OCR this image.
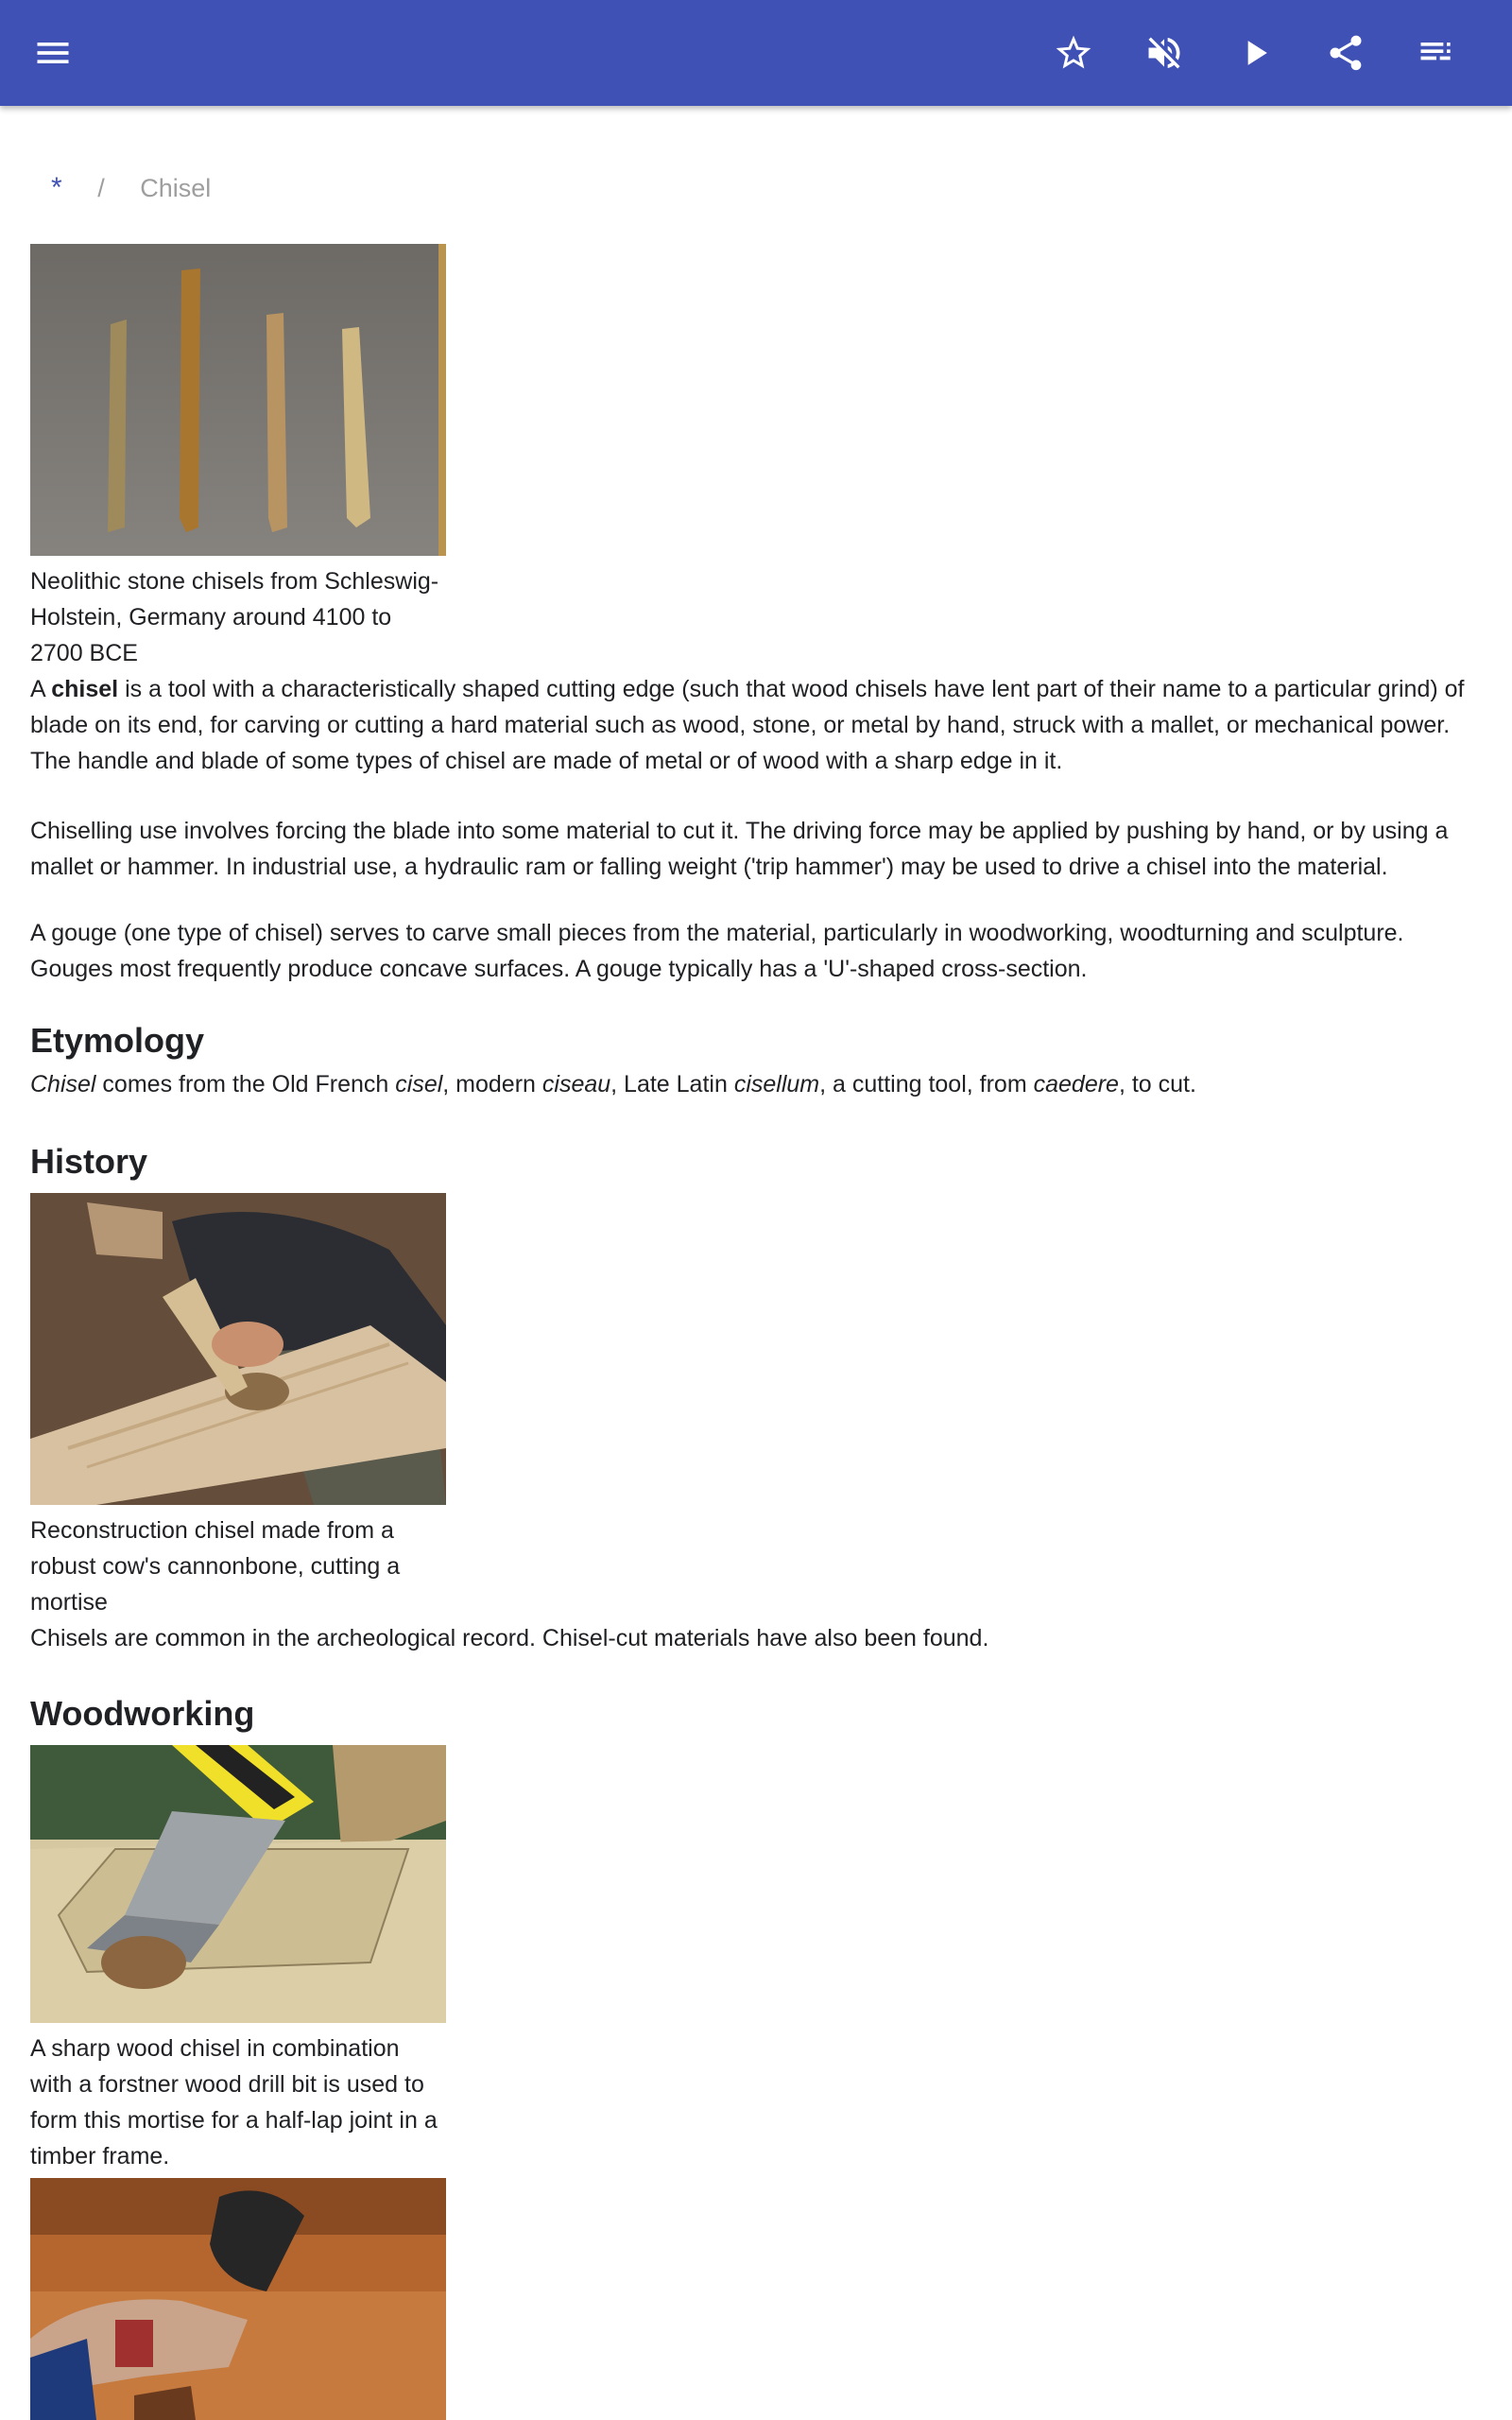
* / Chisel
Neolithic stone chisels from Schleswig-Holstein, Germany around 4100 to 2700 BCE
A chisel is a tool with a characteristically shaped cutting edge (such that wood chisels have lent part of their name to a particular grind) of blade on its end, for carving or cutting a hard material such as wood, stone, or metal by hand, struck with a mallet, or mechanical power. The handle and blade of some types of chisel are made of metal or of wood with a sharp edge in it.
Chiselling use involves forcing the blade into some material to cut it. The driving force may be applied by pushing by hand, or by using a mallet or hammer. In industrial use, a hydraulic ram or falling weight ('trip hammer') may be used to drive a chisel into the material.
A gouge (one type of chisel) serves to carve small pieces from the material, particularly in woodworking, woodturning and sculpture. Gouges most frequently produce concave surfaces. A gouge typically has a 'U'-shaped cross-section.
Etymology
Chisel comes from the Old French cisel, modern ciseau, Late Latin cisellum, a cutting tool, from caedere, to cut.
History
Reconstruction chisel made from a robust cow's cannonbone, cutting a mortise
Chisels are common in the archeological record. Chisel-cut materials have also been found.
Woodworking
A sharp wood chisel in combination with a forstner wood drill bit is used to form this mortise for a half-lap joint in a timber frame.
